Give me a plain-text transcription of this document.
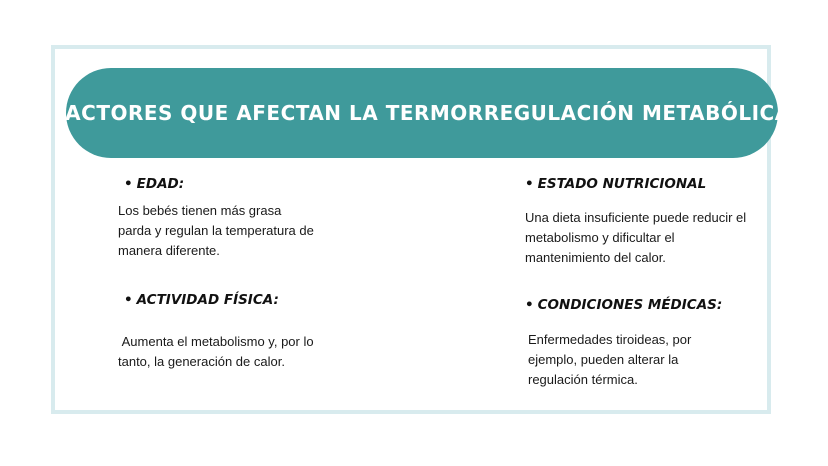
FACTORES QUE AFECTAN LA TERMORREGULACIÓN METABÓLICA
• EDAD:
Los bebés tienen más grasa parda y regulan la temperatura de manera diferente.
• ACTIVIDAD FÍSICA:
Aumenta el metabolismo y, por lo tanto, la generación de calor.
• ESTADO NUTRICIONAL
Una dieta insuficiente puede reducir el metabolismo y dificultar el mantenimiento del calor.
• CONDICIONES MÉDICAS:
Enfermedades tiroideas, por ejemplo, pueden alterar la regulación térmica.
